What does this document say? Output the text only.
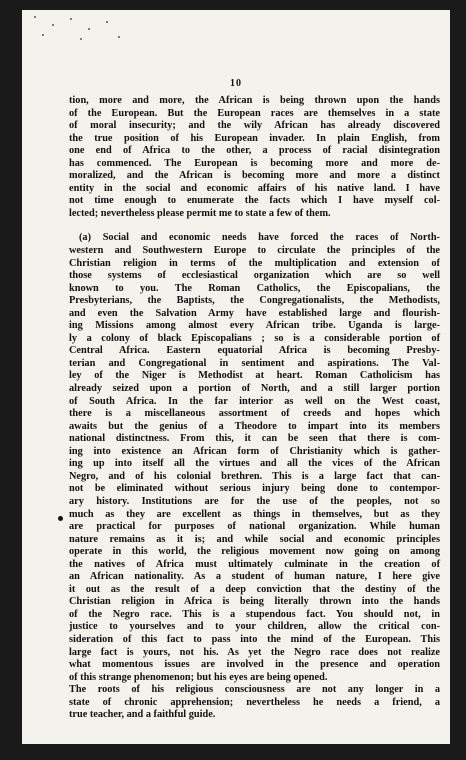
10
tion, more and more, the African is being thrown upon the hands
of the European. But the European races are themselves in a state
of moral insecurity; and the wily African has already discovered
the true position of his European invader. In plain English, from
one end of Africa to the other, a process of racial disintegration
has commenced. The European is becoming more and more de-
moralized, and the African is becoming more and more a distinct
entity in the social and economic affairs of his native land. I have
not time enough to enumerate the facts which I have myself col-
lected; nevertheless please permit me to state a few of them.
(a) Social and economic needs have forced the races of North-
western and Southwestern Europe to circulate the principles of the
Christian religion in terms of the multiplication and extension of
those systems of ecclesiastical organization which are so well
known to you. The Roman Catholics, the Episcopalians, the
Presbyterians, the Baptists, the Congregationalists, the Methodists,
and even the Salvation Army have established large and flourish-
ing Missions among almost every African tribe. Uganda is large-
ly a colony of black Episcopalians ; so is a considerable portion of
Central Africa. Eastern equatorial Africa is becoming Presby-
terian and Congregational in sentiment and aspirations. The Val-
ley of the Niger is Methodist at heart. Roman Catholicism has
already seized upon a portion of North, and a still larger portion
of South Africa. In the far interior as well on the West coast,
there is a miscellaneous assortment of creeds and hopes which
awaits but the genius of a Theodore to impart into its members
national distinctness. From this, it can be seen that there is com-
ing into existence an African form of Christianity which is gather-
ing up into itself all the virtues and all the vices of the African
Negro, and of his colonial brethren. This is a large fact that can-
not be eliminated without serious injury being done to contempor-
ary history. Institutions are for the use of the peoples, not so
much as they are excellent as things in themselves, but as they
are practical for purposes of national organization. While human
nature remains as it is; and while social and economic principles
operate in this world, the religious movement now going on among
the natives of Africa must ultimately culminate in the creation of
an African nationality. As a student of human nature, I here give
it out as the result of a deep conviction that the destiny of the
Christian religion in Africa is being literally thrown into the hands
of the Negro race. This is a stupendous fact. You should not, in
justice to yourselves and to your children, allow the critical con-
sideration of this fact to pass into the mind of the European. This
large fact is yours, not his. As yet the Negro race does not realize
what momentous issues are involved in the presence and operation
of this strange phenomenon; but his eyes are being opened.
The roots of his religious consciousness are not any longer in a
state of chronic apprehension; nevertheless he needs a friend, a
true teacher, and a faithful guide.
